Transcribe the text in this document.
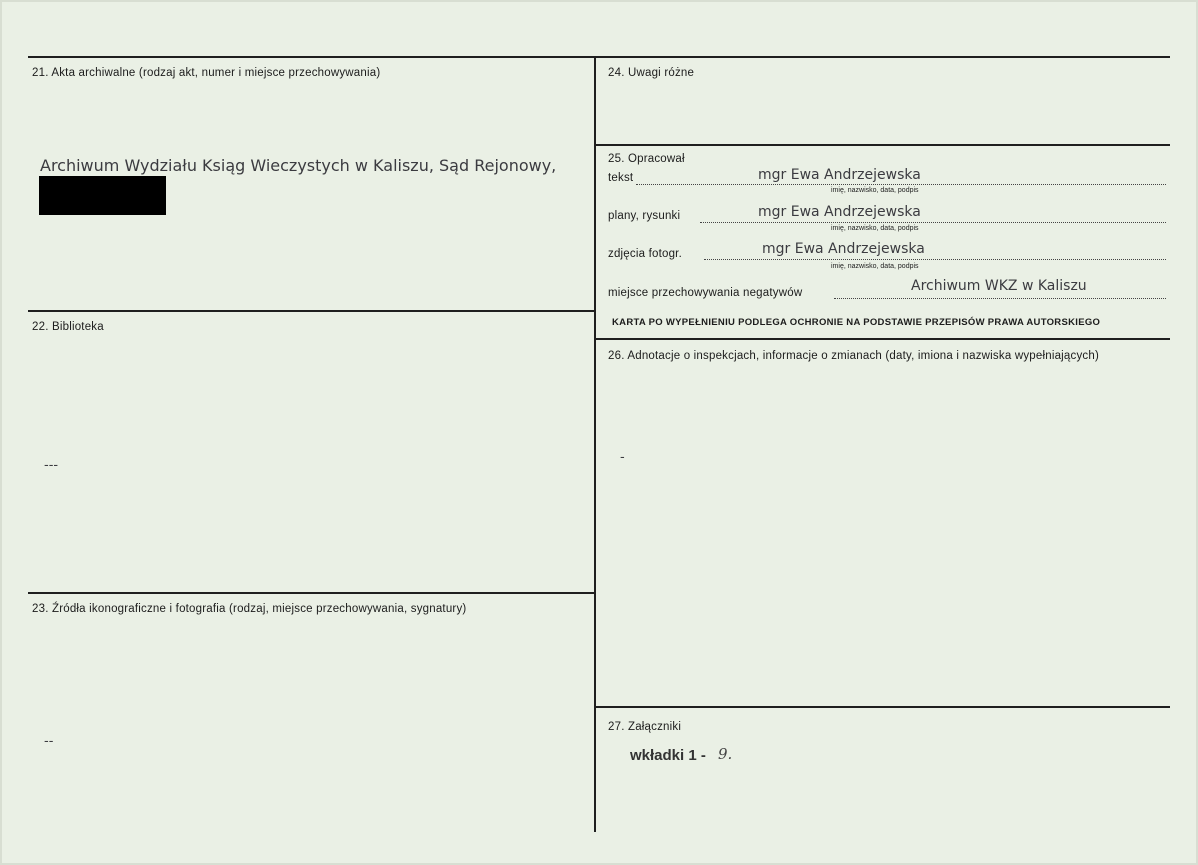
21. Akta archiwalne (rodzaj akt, numer i miejsce przechowywania)
Archiwum Wydziału Ksiąg Wieczystych w Kaliszu, Sąd Rejonowy,
22. Biblioteka
---
23. Źródła ikonograficzne i fotografia (rodzaj, miejsce przechowywania, sygnatury)
--
24. Uwagi różne
25. Opracował
tekst	mgr Ewa Andrzejewska
imię, nazwisko, data, podpis
plany, rysunki	mgr Ewa Andrzejewska
imię, nazwisko, data, podpis
zdjęcia fotogr.	mgr Ewa Andrzejewska
imię, nazwisko, data, podpis
miejsce przechowywania negatywów	Archiwum WKZ w Kaliszu
KARTA PO WYPEŁNIENIU PODLEGA OCHRONIE NA PODSTAWIE PRZEPISÓW PRAWA AUTORSKIEGO
26. Adnotacje o inspekcjach, informacje o zmianach (daty, imiona i nazwiska wypełniających)
-
27. Załączniki
wkładki 1 - 9.
